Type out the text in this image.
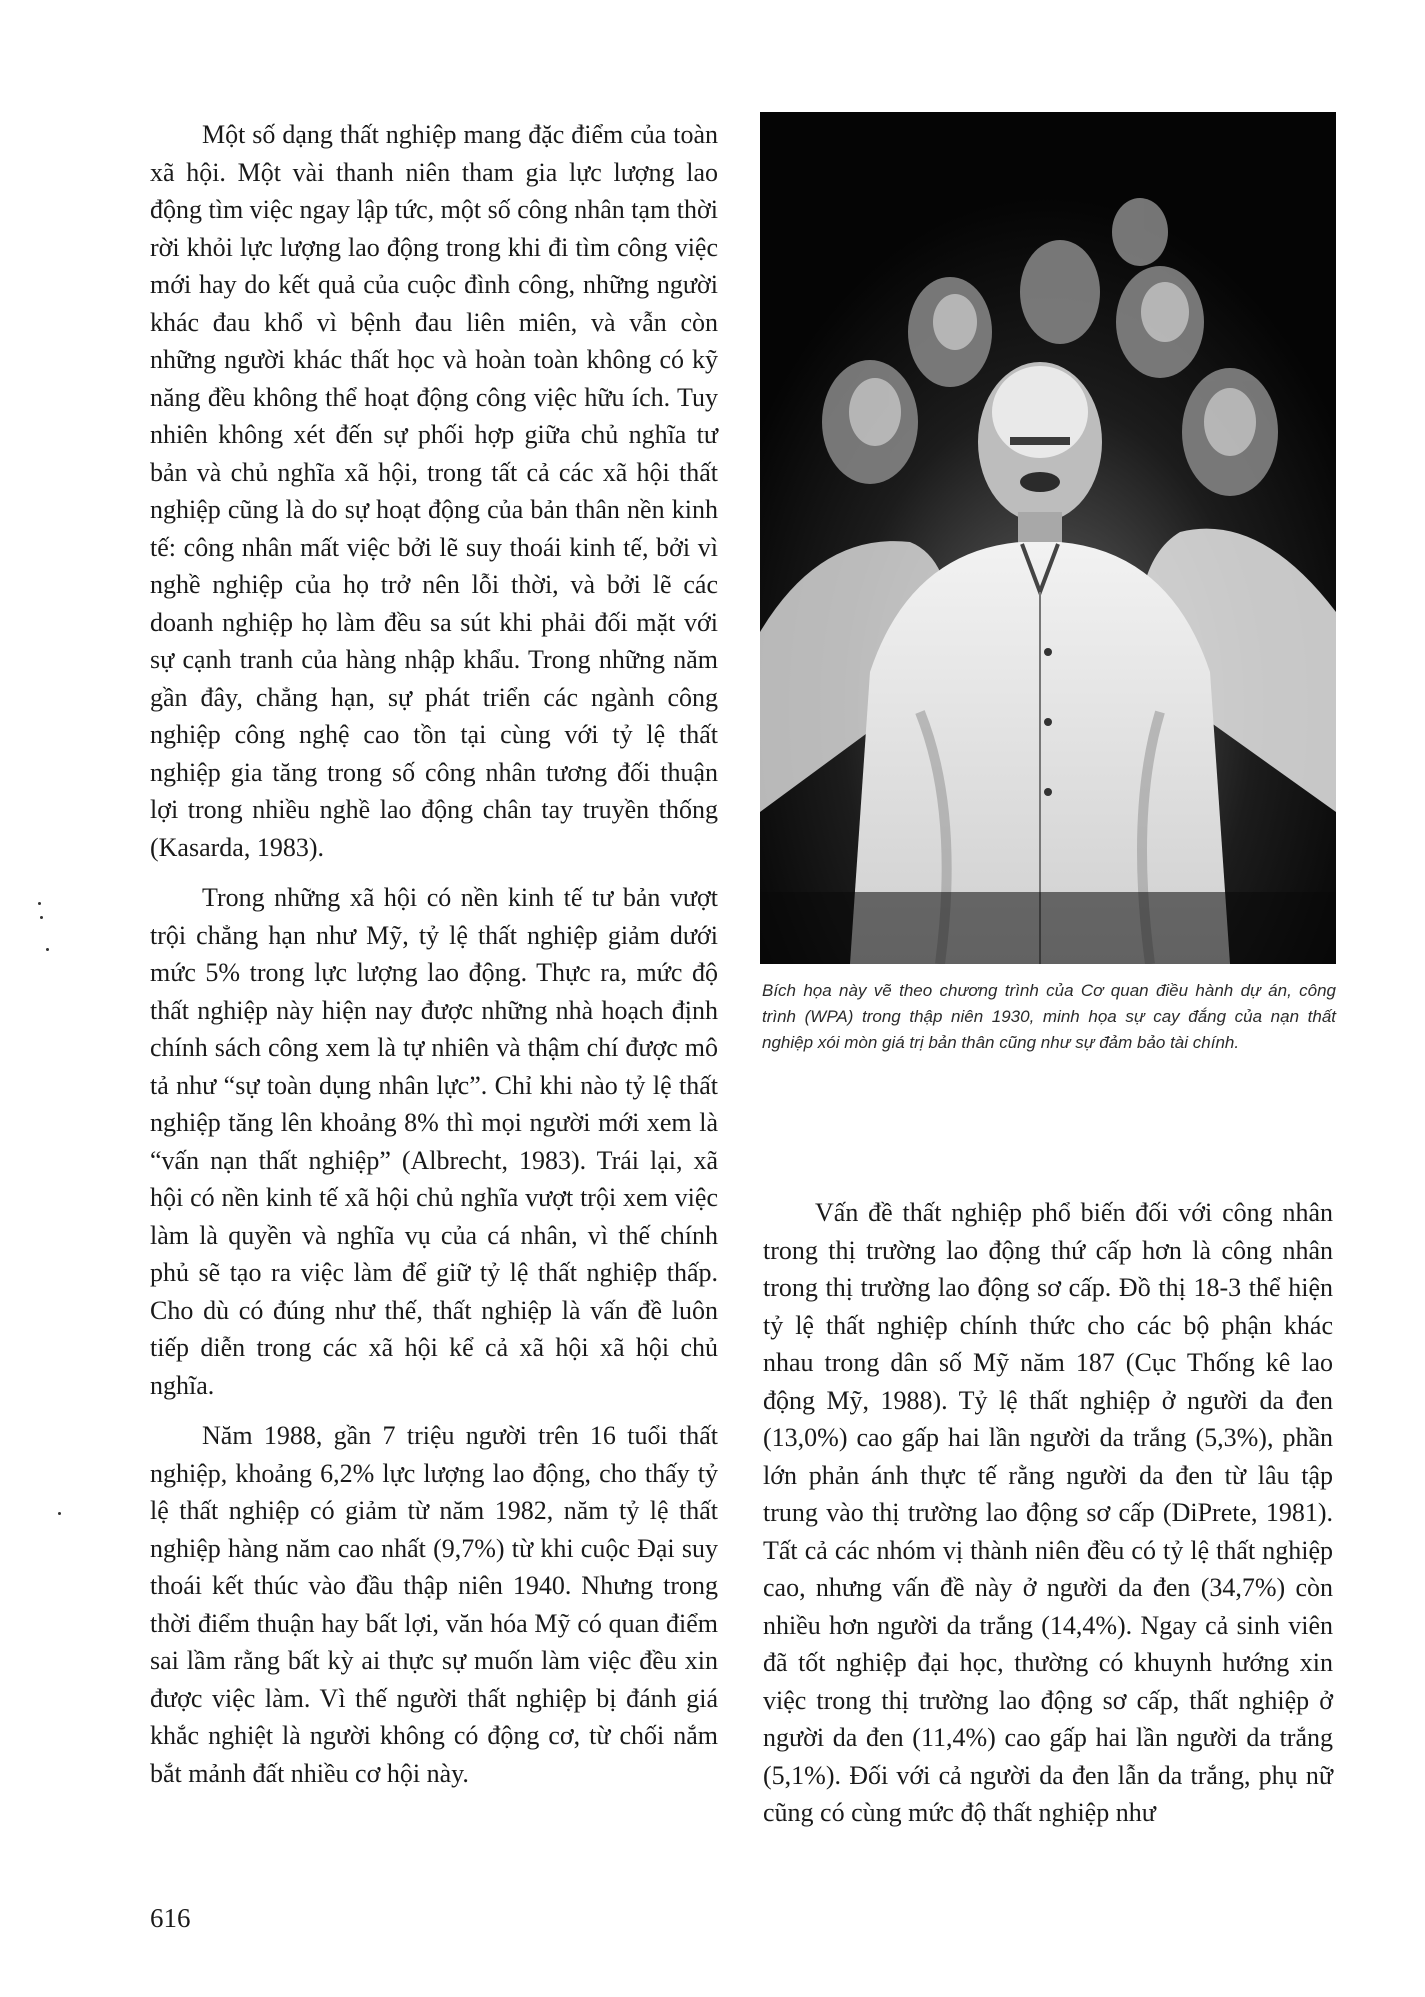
Một số dạng thất nghiệp mang đặc điểm của toàn xã hội. Một vài thanh niên tham gia lực lượng lao động tìm việc ngay lập tức, một số công nhân tạm thời rời khỏi lực lượng lao động trong khi đi tìm công việc mới hay do kết quả của cuộc đình công, những người khác đau khổ vì bệnh đau liên miên, và vẫn còn những người khác thất học và hoàn toàn không có kỹ năng đều không thể hoạt động công việc hữu ích. Tuy nhiên không xét đến sự phối hợp giữa chủ nghĩa tư bản và chủ nghĩa xã hội, trong tất cả các xã hội thất nghiệp cũng là do sự hoạt động của bản thân nền kinh tế: công nhân mất việc bởi lẽ suy thoái kinh tế, bởi vì nghề nghiệp của họ trở nên lỗi thời, và bởi lẽ các doanh nghiệp họ làm đều sa sút khi phải đối mặt với sự cạnh tranh của hàng nhập khẩu. Trong những năm gần đây, chẳng hạn, sự phát triển các ngành công nghiệp công nghệ cao tồn tại cùng với tỷ lệ thất nghiệp gia tăng trong số công nhân tương đối thuận lợi trong nhiều nghề lao động chân tay truyền thống (Kasarda, 1983).

Trong những xã hội có nền kinh tế tư bản vượt trội chẳng hạn như Mỹ, tỷ lệ thất nghiệp giảm dưới mức 5% trong lực lượng lao động. Thực ra, mức độ thất nghiệp này hiện nay được những nhà hoạch định chính sách công xem là tự nhiên và thậm chí được mô tả như “sự toàn dụng nhân lực”. Chỉ khi nào tỷ lệ thất nghiệp tăng lên khoảng 8% thì mọi người mới xem là “vấn nạn thất nghiệp” (Albrecht, 1983). Trái lại, xã hội có nền kinh tế xã hội chủ nghĩa vượt trội xem việc làm là quyền và nghĩa vụ của cá nhân, vì thế chính phủ sẽ tạo ra việc làm để giữ tỷ lệ thất nghiệp thấp. Cho dù có đúng như thế, thất nghiệp là vấn đề luôn tiếp diễn trong các xã hội kể cả xã hội xã hội chủ nghĩa.

Năm 1988, gần 7 triệu người trên 16 tuổi thất nghiệp, khoảng 6,2% lực lượng lao động, cho thấy tỷ lệ thất nghiệp có giảm từ năm 1982, năm tỷ lệ thất nghiệp hàng năm cao nhất (9,7%) từ khi cuộc Đại suy thoái kết thúc vào đầu thập niên 1940. Nhưng trong thời điểm thuận hay bất lợi, văn hóa Mỹ có quan điểm sai lầm rằng bất kỳ ai thực sự muốn làm việc đều xin được việc làm. Vì thế người thất nghiệp bị đánh giá khắc nghiệt là người không có động cơ, từ chối nắm bắt mảnh đất nhiều cơ hội này.

Bích họa này vẽ theo chương trình của Cơ quan điều hành dự án, công trình (WPA) trong thập niên 1930, minh họa sự cay đắng của nạn thất nghiệp xói mòn giá trị bản thân cũng như sự đảm bảo tài chính.

Vấn đề thất nghiệp phổ biến đối với công nhân trong thị trường lao động thứ cấp hơn là công nhân trong thị trường lao động sơ cấp. Đồ thị 18-3 thể hiện tỷ lệ thất nghiệp chính thức cho các bộ phận khác nhau trong dân số Mỹ năm 187 (Cục Thống kê lao động Mỹ, 1988). Tỷ lệ thất nghiệp ở người da đen (13,0%) cao gấp hai lần người da trắng (5,3%), phần lớn phản ánh thực tế rằng người da đen từ lâu tập trung vào thị trường lao động sơ cấp (DiPrete, 1981). Tất cả các nhóm vị thành niên đều có tỷ lệ thất nghiệp cao, nhưng vấn đề này ở người da đen (34,7%) còn nhiều hơn người da trắng (14,4%). Ngay cả sinh viên đã tốt nghiệp đại học, thường có khuynh hướng xin việc trong thị trường lao động sơ cấp, thất nghiệp ở người da đen (11,4%) cao gấp hai lần người da trắng (5,1%). Đối với cả người da đen lẫn da trắng, phụ nữ cũng có cùng mức độ thất nghiệp như

616
